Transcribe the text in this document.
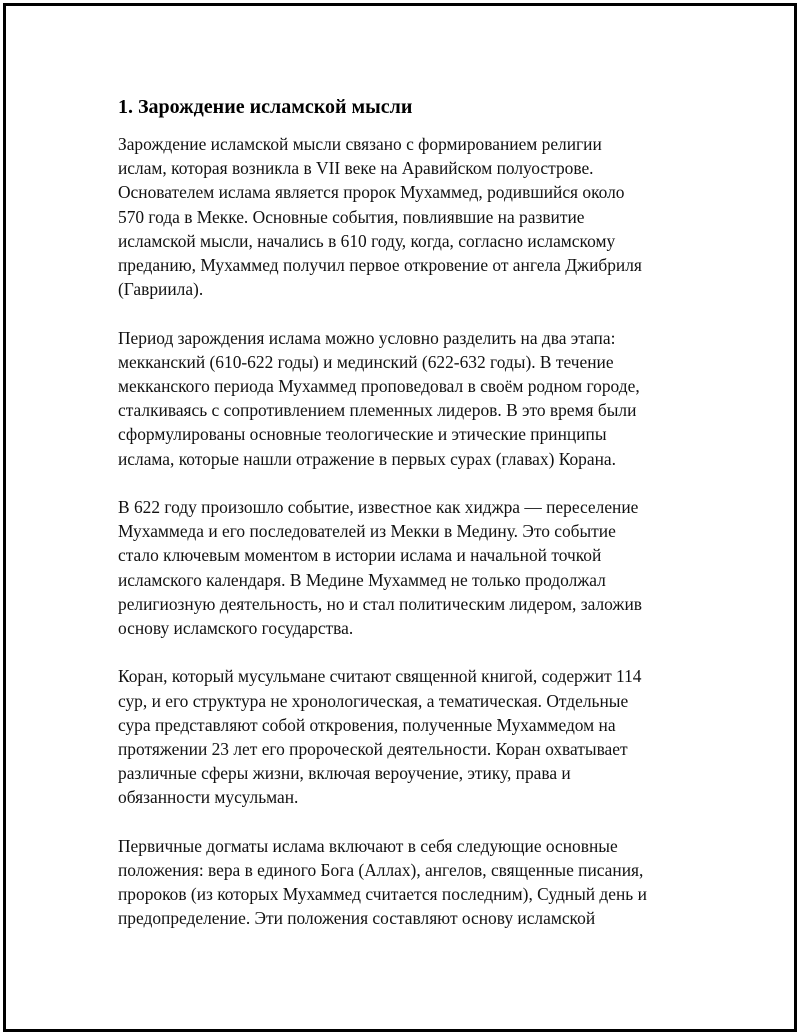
1. Зарождение исламской мысли

Зарождение исламской мысли связано с формированием религии
ислам, которая возникла в VII веке на Аравийском полуострове.
Основателем ислама является пророк Мухаммед, родившийся около
570 года в Мекке. Основные события, повлиявшие на развитие
исламской мысли, начались в 610 году, когда, согласно исламскому
преданию, Мухаммед получил первое откровение от ангела Джибриля
(Гавриила).

Период зарождения ислама можно условно разделить на два этапа:
мекканский (610-622 годы) и мединский (622-632 годы). В течение
мекканского периода Мухаммед проповедовал в своём родном городе,
сталкиваясь с сопротивлением племенных лидеров. В это время были
сформулированы основные теологические и этические принципы
ислама, которые нашли отражение в первых сурах (главах) Корана.

В 622 году произошло событие, известное как хиджра — переселение
Мухаммеда и его последователей из Мекки в Медину. Это событие
стало ключевым моментом в истории ислама и начальной точкой
исламского календаря. В Медине Мухаммед не только продолжал
религиозную деятельность, но и стал политическим лидером, заложив
основу исламского государства.

Коран, который мусульмане считают священной книгой, содержит 114
сур, и его структура не хронологическая, а тематическая. Отдельные
сура представляют собой откровения, полученные Мухаммедом на
протяжении 23 лет его пророческой деятельности. Коран охватывает
различные сферы жизни, включая вероучение, этику, права и
обязанности мусульман.

Первичные догматы ислама включают в себя следующие основные
положения: вера в единого Бога (Аллах), ангелов, священные писания,
пророков (из которых Мухаммед считается последним), Судный день и
предопределение. Эти положения составляют основу исламской
